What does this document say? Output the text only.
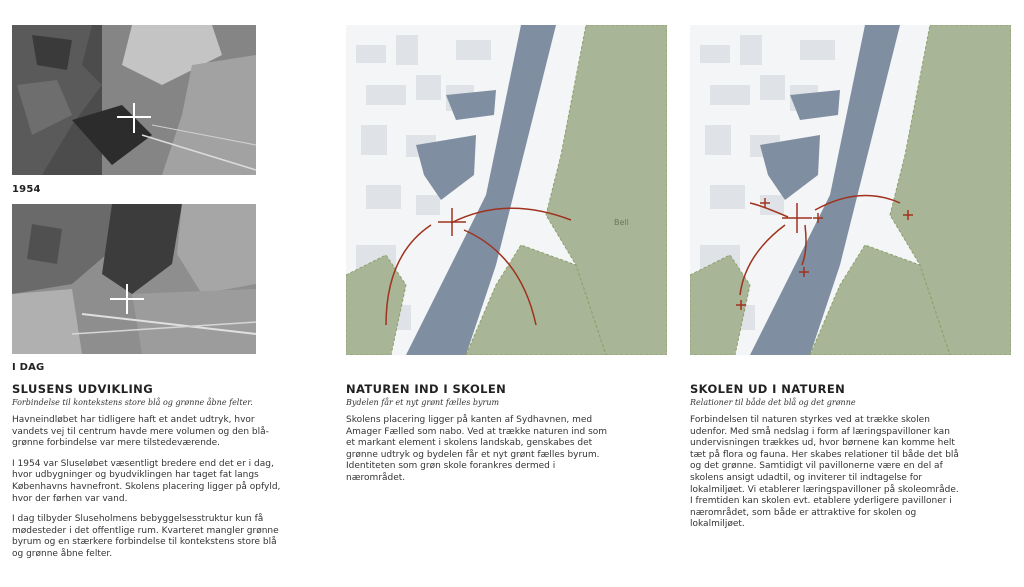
1954
I DAG
Bell
SLUSENS UDVIKLING
Forbindelse til kontekstens store blå og grønne åbne felter.

Havneindløbet har tidligere haft et andet udtryk, hvor vandets vej til centrum havde mere volumen og den blå-grønne forbindelse var mere tilstedeværende.

I 1954 var Sluseløbet væsentligt bredere end det er i dag, hvor udbygninger og byudviklingen har taget fat langs Københavns havnefront. Skolens placering ligger på opfyld, hvor der førhen var vand.

I dag tilbyder Sluseholmens bebyggelsesstruktur kun få mødesteder i det offentlige rum. Kvarteret mangler grønne byrum og en stærkere forbindelse til kontekstens store blå og grønne åbne felter.

NATUREN IND I SKOLEN
Bydelen får et nyt grønt fælles byrum

Skolens placering ligger på kanten af Sydhavnen, med Amager Fælled som nabo. Ved at trække naturen ind som et markant element i skolens landskab, genskabes det grønne udtryk og bydelen får et nyt grønt fælles byrum. Identiteten som grøn skole forankres dermed i nærområdet.

SKOLEN UD I NATUREN
Relationer til både det blå og det grønne

Forbindelsen til naturen styrkes ved at trække skolen udenfor. Med små nedslag i form af læringspavilloner kan undervisningen trækkes ud, hvor børnene kan komme helt tæt på flora og fauna. Her skabes relationer til både det blå og det grønne. Samtidigt vil pavillonerne være en del af skolens ansigt udadtil, og inviterer til indtagelse for lokalmiljøet. Vi etablerer læringspavilloner på skoleområde. I fremtiden kan skolen evt. etablere yderligere pavilloner i nærområdet, som både er attraktive for skolen og lokalmiljøet.
